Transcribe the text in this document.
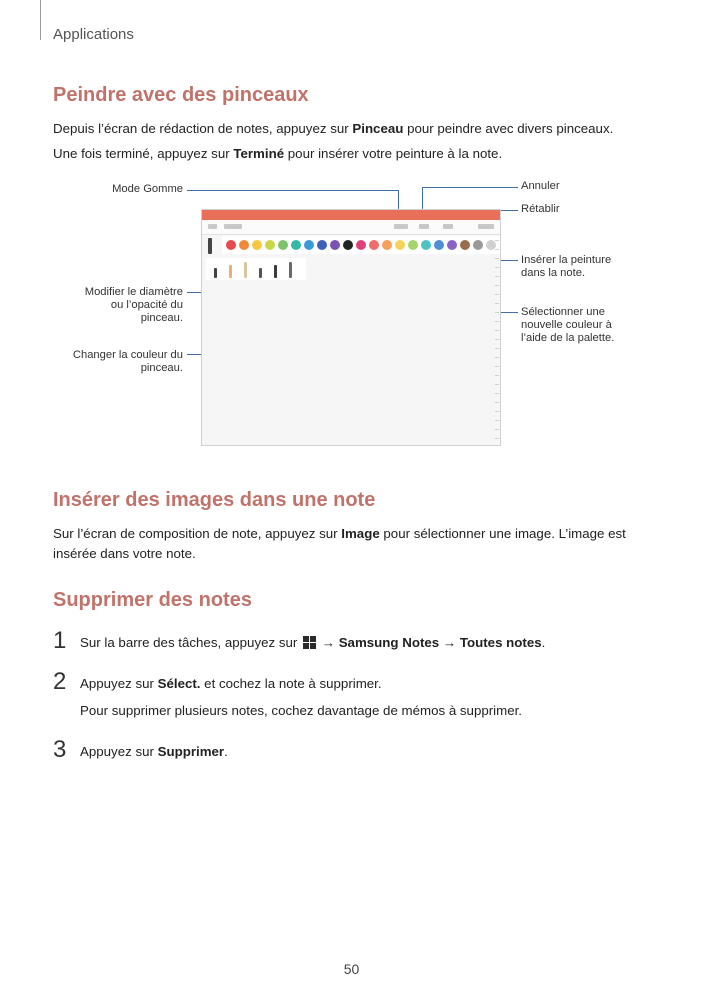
Applications
Peindre avec des pinceaux
Depuis l’écran de rédaction de notes, appuyez sur Pinceau pour peindre avec divers pinceaux.
Une fois terminé, appuyez sur Terminé pour insérer votre peinture à la note.
Mode Gomme	Annuler
Rétablir
Insérer la peinture dans la note.
Sélectionner une nouvelle couleur à l’aide de la palette.
Modifier le diamètre ou l’opacité du pinceau.
Changer la couleur du pinceau.
Insérer des images dans une note
Sur l’écran de composition de note, appuyez sur Image pour sélectionner une image. L’image est
insérée dans votre note.
Supprimer des notes
1 Sur la barre des tâches, appuyez sur  → Samsung Notes → Toutes notes.
2 Appuyez sur Sélect. et cochez la note à supprimer.
Pour supprimer plusieurs notes, cochez davantage de mémos à supprimer.
3 Appuyez sur Supprimer.
50
